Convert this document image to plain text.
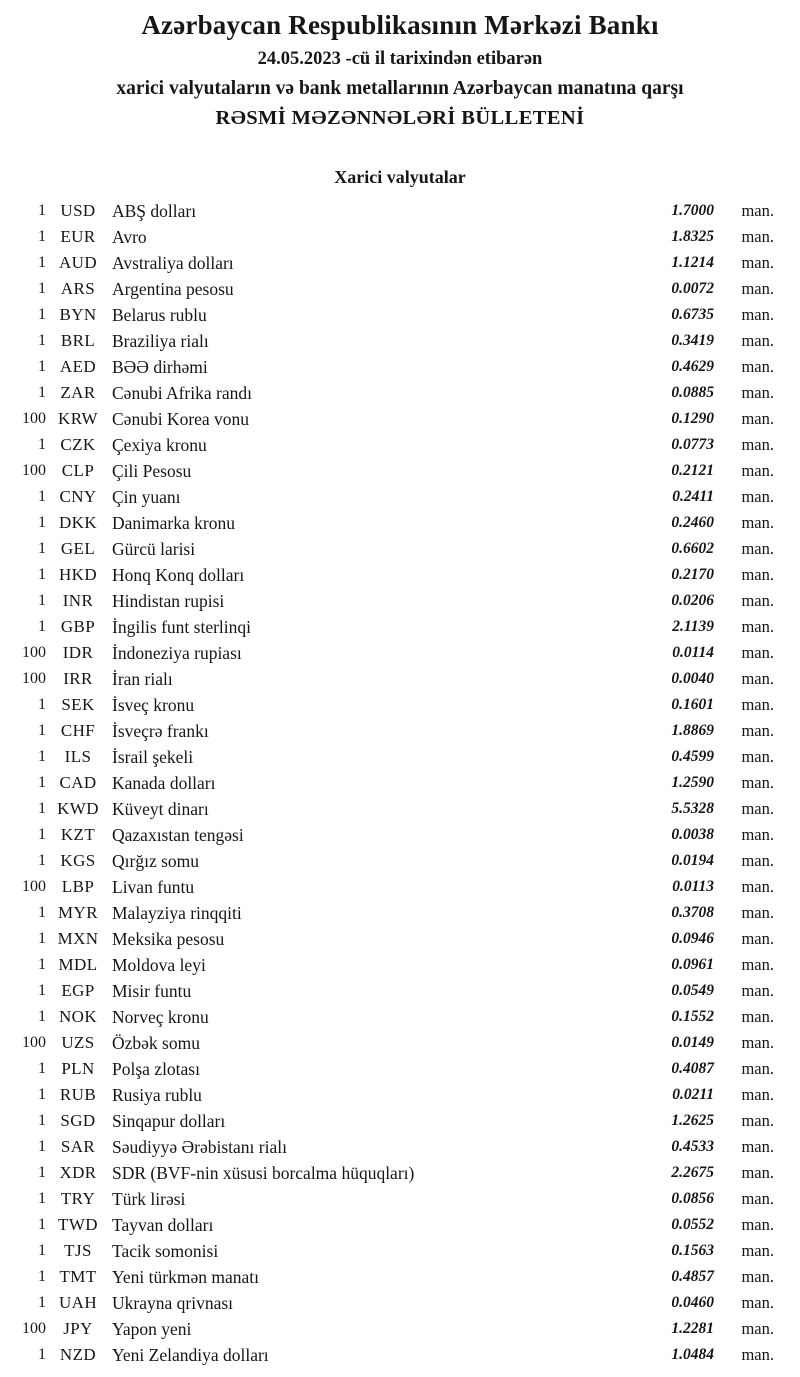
Azərbaycan Respublikasının Mərkəzi Bankı
24.05.2023 -cü il tarixindən etibarən
xarici valyutaların və bank metallarının Azərbaycan manatına qarşı
RƏSMİ MƏZƏNNƏLƏRİ BÜLLETENİ
Xarici valyutalar
1 USD ABŞ dolları	1.7000	man.
1 EUR Avro	1.8325	man.
1 AUD Avstraliya dolları	1.1214	man.
1 ARS Argentina pesosu	0.0072	man.
1 BYN Belarus rublu	0.6735	man.
1 BRL Braziliya rialı	0.3419	man.
1 AED BƏƏ dirhəmi	0.4629	man.
1 ZAR Cənubi Afrika randı	0.0885	man.
100 KRW Cənubi Korea vonu	0.1290	man.
1 CZK Çexiya kronu	0.0773	man.
100 CLP	Çili Pesosu	0.2121	man.
1 CNY Çin yuanı	0.2411	man.
1 DKK Danimarka kronu	0.2460	man.
1 GEL Gürcü larisi	0.6602	man.
1 HKD Honq Konq dolları	0.2170	man.
1 INR	Hindistan rupisi	0.0206	man.
1 GBP İngilis funt sterlinqi	2.1139	man.
100 IDR	İndoneziya rupiası	0.0114	man.
100	IRR	İran rialı	0.0040	man.
1 SEK İsveç kronu	0.1601	man.
1 CHF İsveçrə frankı	1.8869	man.
1	ILS	İsrail şekeli	0.4599	man.
1 CAD Kanada dolları	1.2590	man.
1 KWD Küveyt dinarı	5.5328	man.
1 KZT Qazaxıstan tengəsi	0.0038	man.
1 KGS Qırğız somu	0.0194	man.
100 LBP	Livan funtu	0.0113	man.
1 MYR Malayziya rinqqiti	0.3708	man.
1 MXN Meksika pesosu	0.0946	man.
1 MDL Moldova leyi	0.0961	man.
1 EGP Misir funtu	0.0549	man.
1 NOK Norveç kronu	0.1552	man.
100 UZS Özbək somu	0.0149	man.
1 PLN Polşa zlotası	0.4087	man.
1 RUB Rusiya rublu	0.0211	man.
1 SGD Sinqapur dolları	1.2625	man.
1 SAR Səudiyyə Ərəbistanı rialı	0.4533	man.
1 XDR SDR (BVF-nin xüsusi borcalma hüquqları)	2.2675	man.
1 TRY Türk lirəsi	0.0856	man.
1 TWD Tayvan dolları	0.0552	man.
1	TJS	Tacik somonisi	0.1563	man.
1 TMT Yeni türkmən manatı	0.4857	man.
1 UAH Ukrayna qrivnası	0.0460	man.
100	JPY	Yapon yeni	1.2281	man.
1 NZD Yeni Zelandiya dolları	1.0484	man.
